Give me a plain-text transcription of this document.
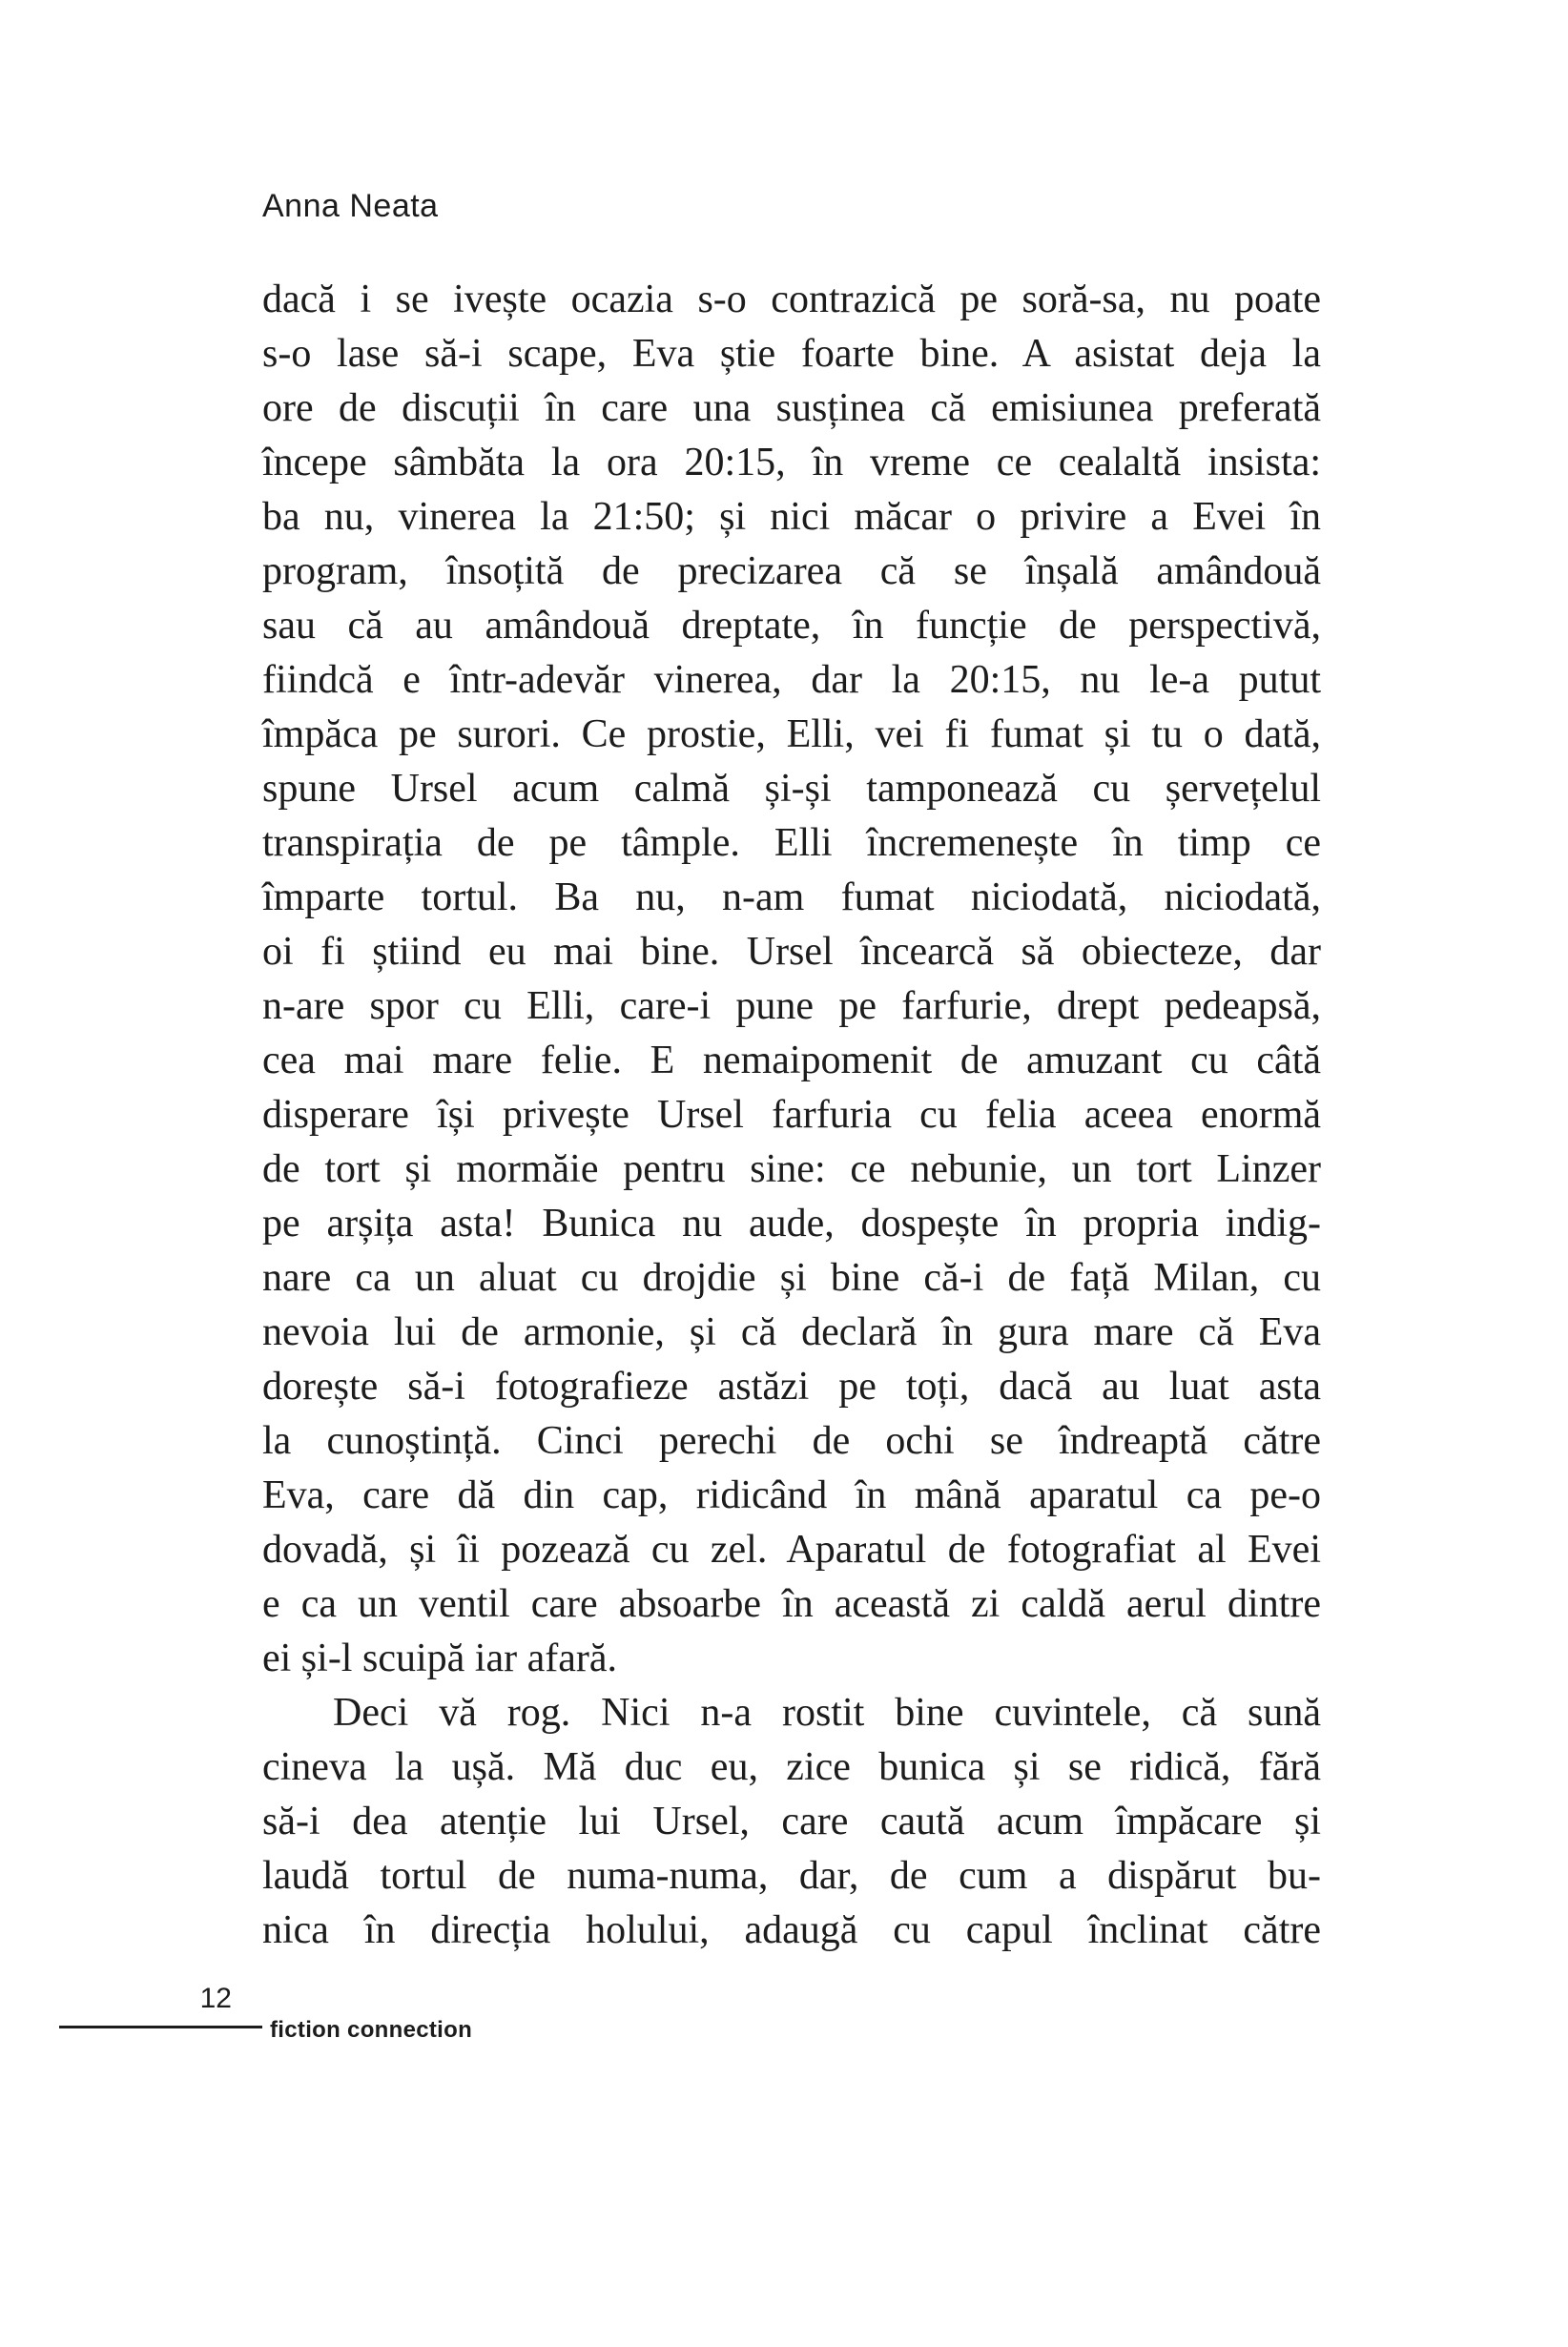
Anna Neata
dacă i se ivește ocazia s-o contrazică pe soră-sa, nu poate
s-o lase să-i scape, Eva știe foarte bine. A asistat deja la
ore de discuții în care una susținea că emisiunea preferată
începe sâmbăta la ora 20:15, în vreme ce cealaltă insista:
ba nu, vinerea la 21:50; și nici măcar o privire a Evei în
program, însoțită de precizarea că se înșală amândouă
sau că au amândouă dreptate, în funcție de perspectivă,
fiindcă e într-adevăr vinerea, dar la 20:15, nu le-a putut
împăca pe surori. Ce prostie, Elli, vei fi fumat și tu o dată,
spune Ursel acum calmă și-și tamponează cu șervețelul
transpirația de pe tâmple. Elli încremenește în timp ce
împarte tortul. Ba nu, n-am fumat niciodată, niciodată,
oi fi știind eu mai bine. Ursel încearcă să obiecteze, dar
n-are spor cu Elli, care-i pune pe farfurie, drept pedeapsă,
cea mai mare felie. E nemaipomenit de amuzant cu câtă
disperare își privește Ursel farfuria cu felia aceea enormă
de tort și mormăie pentru sine: ce nebunie, un tort Linzer
pe arșița asta! Bunica nu aude, dospește în propria indig-
nare ca un aluat cu drojdie și bine că-i de față Milan, cu
nevoia lui de armonie, și că declară în gura mare că Eva
dorește să-i fotografieze astăzi pe toți, dacă au luat asta
la cunoștință. Cinci perechi de ochi se îndreaptă către
Eva, care dă din cap, ridicând în mână aparatul ca pe-o
dovadă, și îi pozează cu zel. Aparatul de fotografiat al Evei
e ca un ventil care absoarbe în această zi caldă aerul dintre
ei și-l scuipă iar afară.
Deci vă rog. Nici n-a rostit bine cuvintele, că sună
cineva la ușă. Mă duc eu, zice bunica și se ridică, fără
să-i dea atenție lui Ursel, care caută acum împăcare și
laudă tortul de numa-numa, dar, de cum a dispărut bu-
nica în direcția holului, adaugă cu capul înclinat către
12
fiction connection
